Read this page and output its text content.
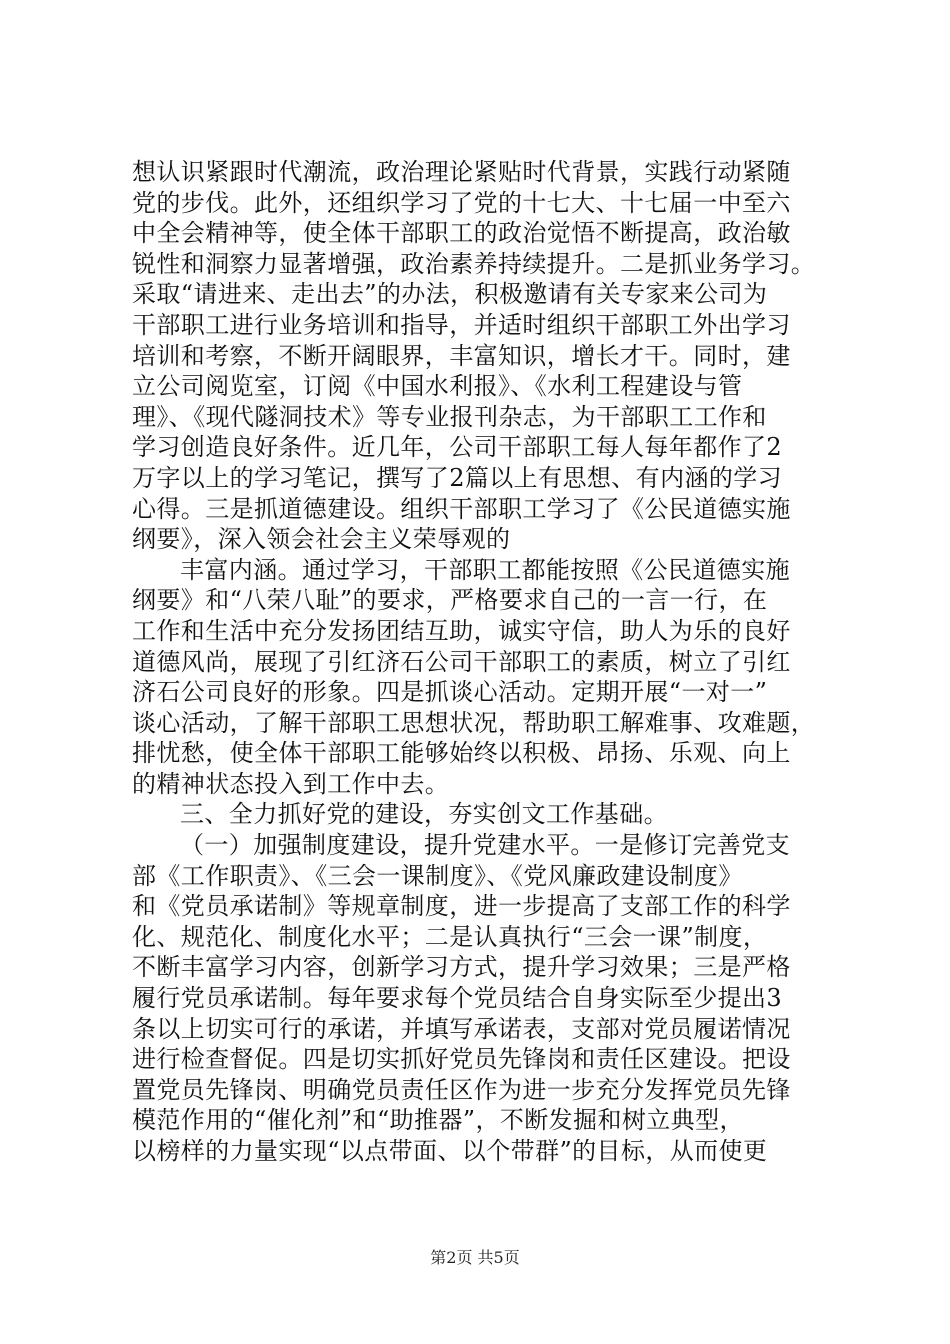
想认识紧跟时代潮流，政治理论紧贴时代背景，实践行动紧随
党的步伐。此外，还组织学习了党的十七大、十七届一中至六
中全会精神等，使全体干部职工的政治觉悟不断提高，政治敏
锐性和洞察力显著增强，政治素养持续提升。二是抓业务学习。
采取“请进来、走出去”的办法，积极邀请有关专家来公司为
干部职工进行业务培训和指导，并适时组织干部职工外出学习
培训和考察，不断开阔眼界，丰富知识，增长才干。同时，建
立公司阅览室，订阅《中国水利报》、《水利工程建设与管
理》、《现代隧洞技术》等专业报刊杂志，为干部职工工作和
学习创造良好条件。近几年，公司干部职工每人每年都作了2
万字以上的学习笔记，撰写了2篇以上有思想、有内涵的学习
心得。三是抓道德建设。组织干部职工学习了《公民道德实施
纲要》，深入领会社会主义荣辱观的
丰富内涵。通过学习，干部职工都能按照《公民道德实施
纲要》和“八荣八耻”的要求，严格要求自己的一言一行，在
工作和生活中充分发扬团结互助，诚实守信，助人为乐的良好
道德风尚，展现了引红济石公司干部职工的素质，树立了引红
济石公司良好的形象。四是抓谈心活动。定期开展“一对一”
谈心活动，了解干部职工思想状况，帮助职工解难事、攻难题，
排忧愁，使全体干部职工能够始终以积极、昂扬、乐观、向上
的精神状态投入到工作中去。
三、全力抓好党的建设，夯实创文工作基础。
（一）加强制度建设，提升党建水平。一是修订完善党支
部《工作职责》、《三会一课制度》、《党风廉政建设制度》
和《党员承诺制》等规章制度，进一步提高了支部工作的科学
化、规范化、制度化水平；二是认真执行“三会一课”制度，
不断丰富学习内容，创新学习方式，提升学习效果；三是严格
履行党员承诺制。每年要求每个党员结合自身实际至少提出3
条以上切实可行的承诺，并填写承诺表，支部对党员履诺情况
进行检查督促。四是切实抓好党员先锋岗和责任区建设。把设
置党员先锋岗、明确党员责任区作为进一步充分发挥党员先锋
模范作用的“催化剂”和“助推器”，不断发掘和树立典型，
以榜样的力量实现“以点带面、以个带群”的目标，从而使更
第2页 共5页
